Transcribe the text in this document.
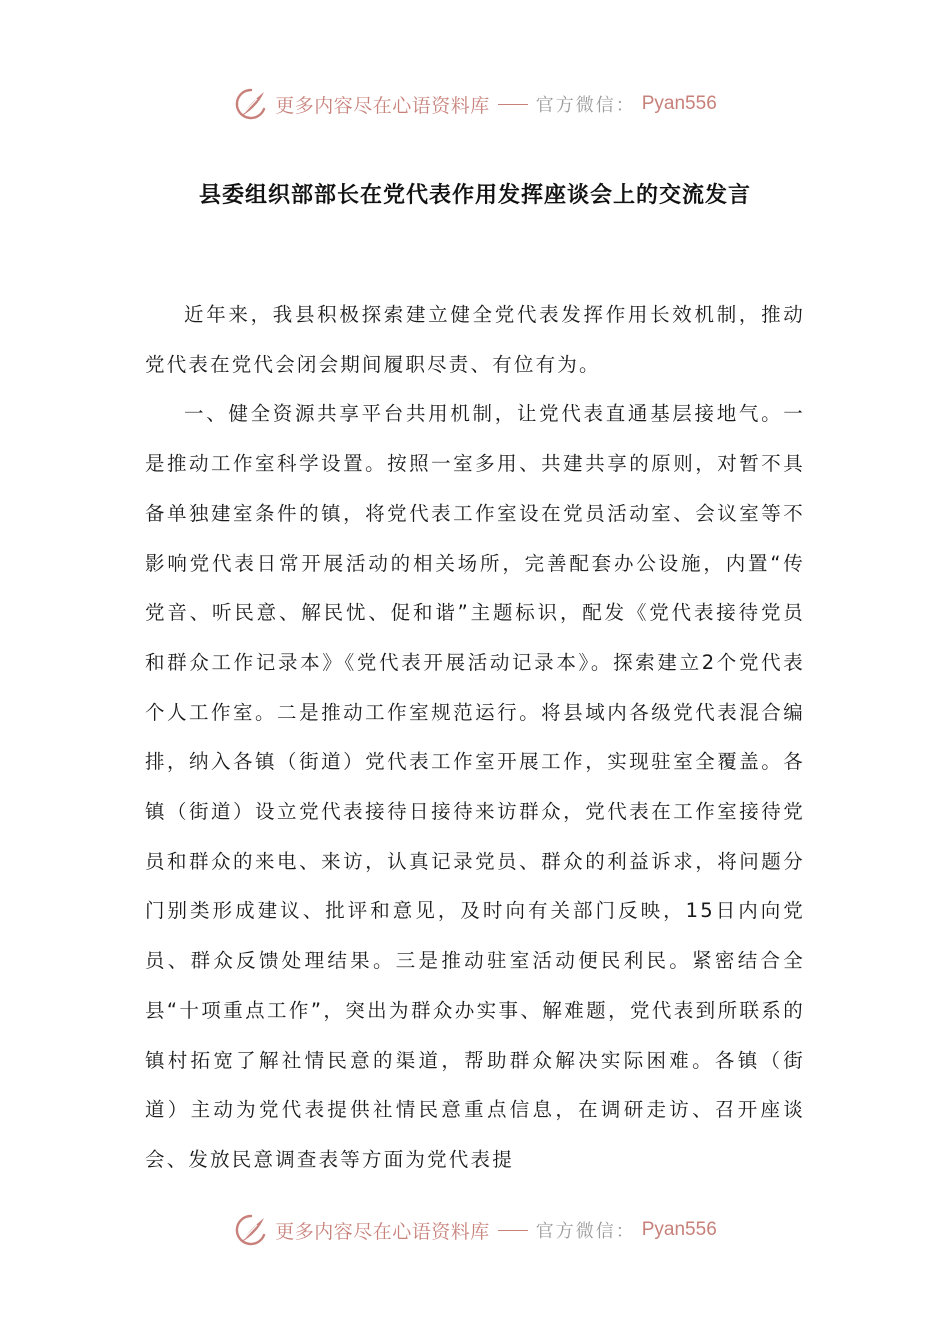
更多内容尽在心语资料库	官方微信： Pyan556
县委组织部部长在党代表作用发挥座谈会上的交流发言

近年来，我县积极探索建立健全党代表发挥作用长效机制，推动党代表在党代会闭会期间履职尽责、有位有为。

一、健全资源共享平台共用机制，让党代表直通基层接地气。一是推动工作室科学设置。按照一室多用、共建共享的原则，对暂不具备单独建室条件的镇，将党代表工作室设在党员活动室、会议室等不影响党代表日常开展活动的相关场所，完善配套办公设施，内置“传党音、听民意、解民忧、促和谐”主题标识，配发《党代表接待党员和群众工作记录本》《党代表开展活动记录本》。探索建立2个党代表个人工作室。二是推动工作室规范运行。将县域内各级党代表混合编排，纳入各镇（街道）党代表工作室开展工作，实现驻室全覆盖。各镇（街道）设立党代表接待日接待来访群众，党代表在工作室接待党员和群众的来电、来访，认真记录党员、群众的利益诉求，将问题分门别类形成建议、批评和意见，及时向有关部门反映，15日内向党员、群众反馈处理结果。三是推动驻室活动便民利民。紧密结合全县“十项重点工作”，突出为群众办实事、解难题，党代表到所联系的镇村拓宽了解社情民意的渠道，帮助群众解决实际困难。各镇（街道）主动为党代表提供社情民意重点信息，在调研走访、召开座谈会、发放民意调查表等方面为党代表提

更多内容尽在心语资料库	官方微信： Pyan556
